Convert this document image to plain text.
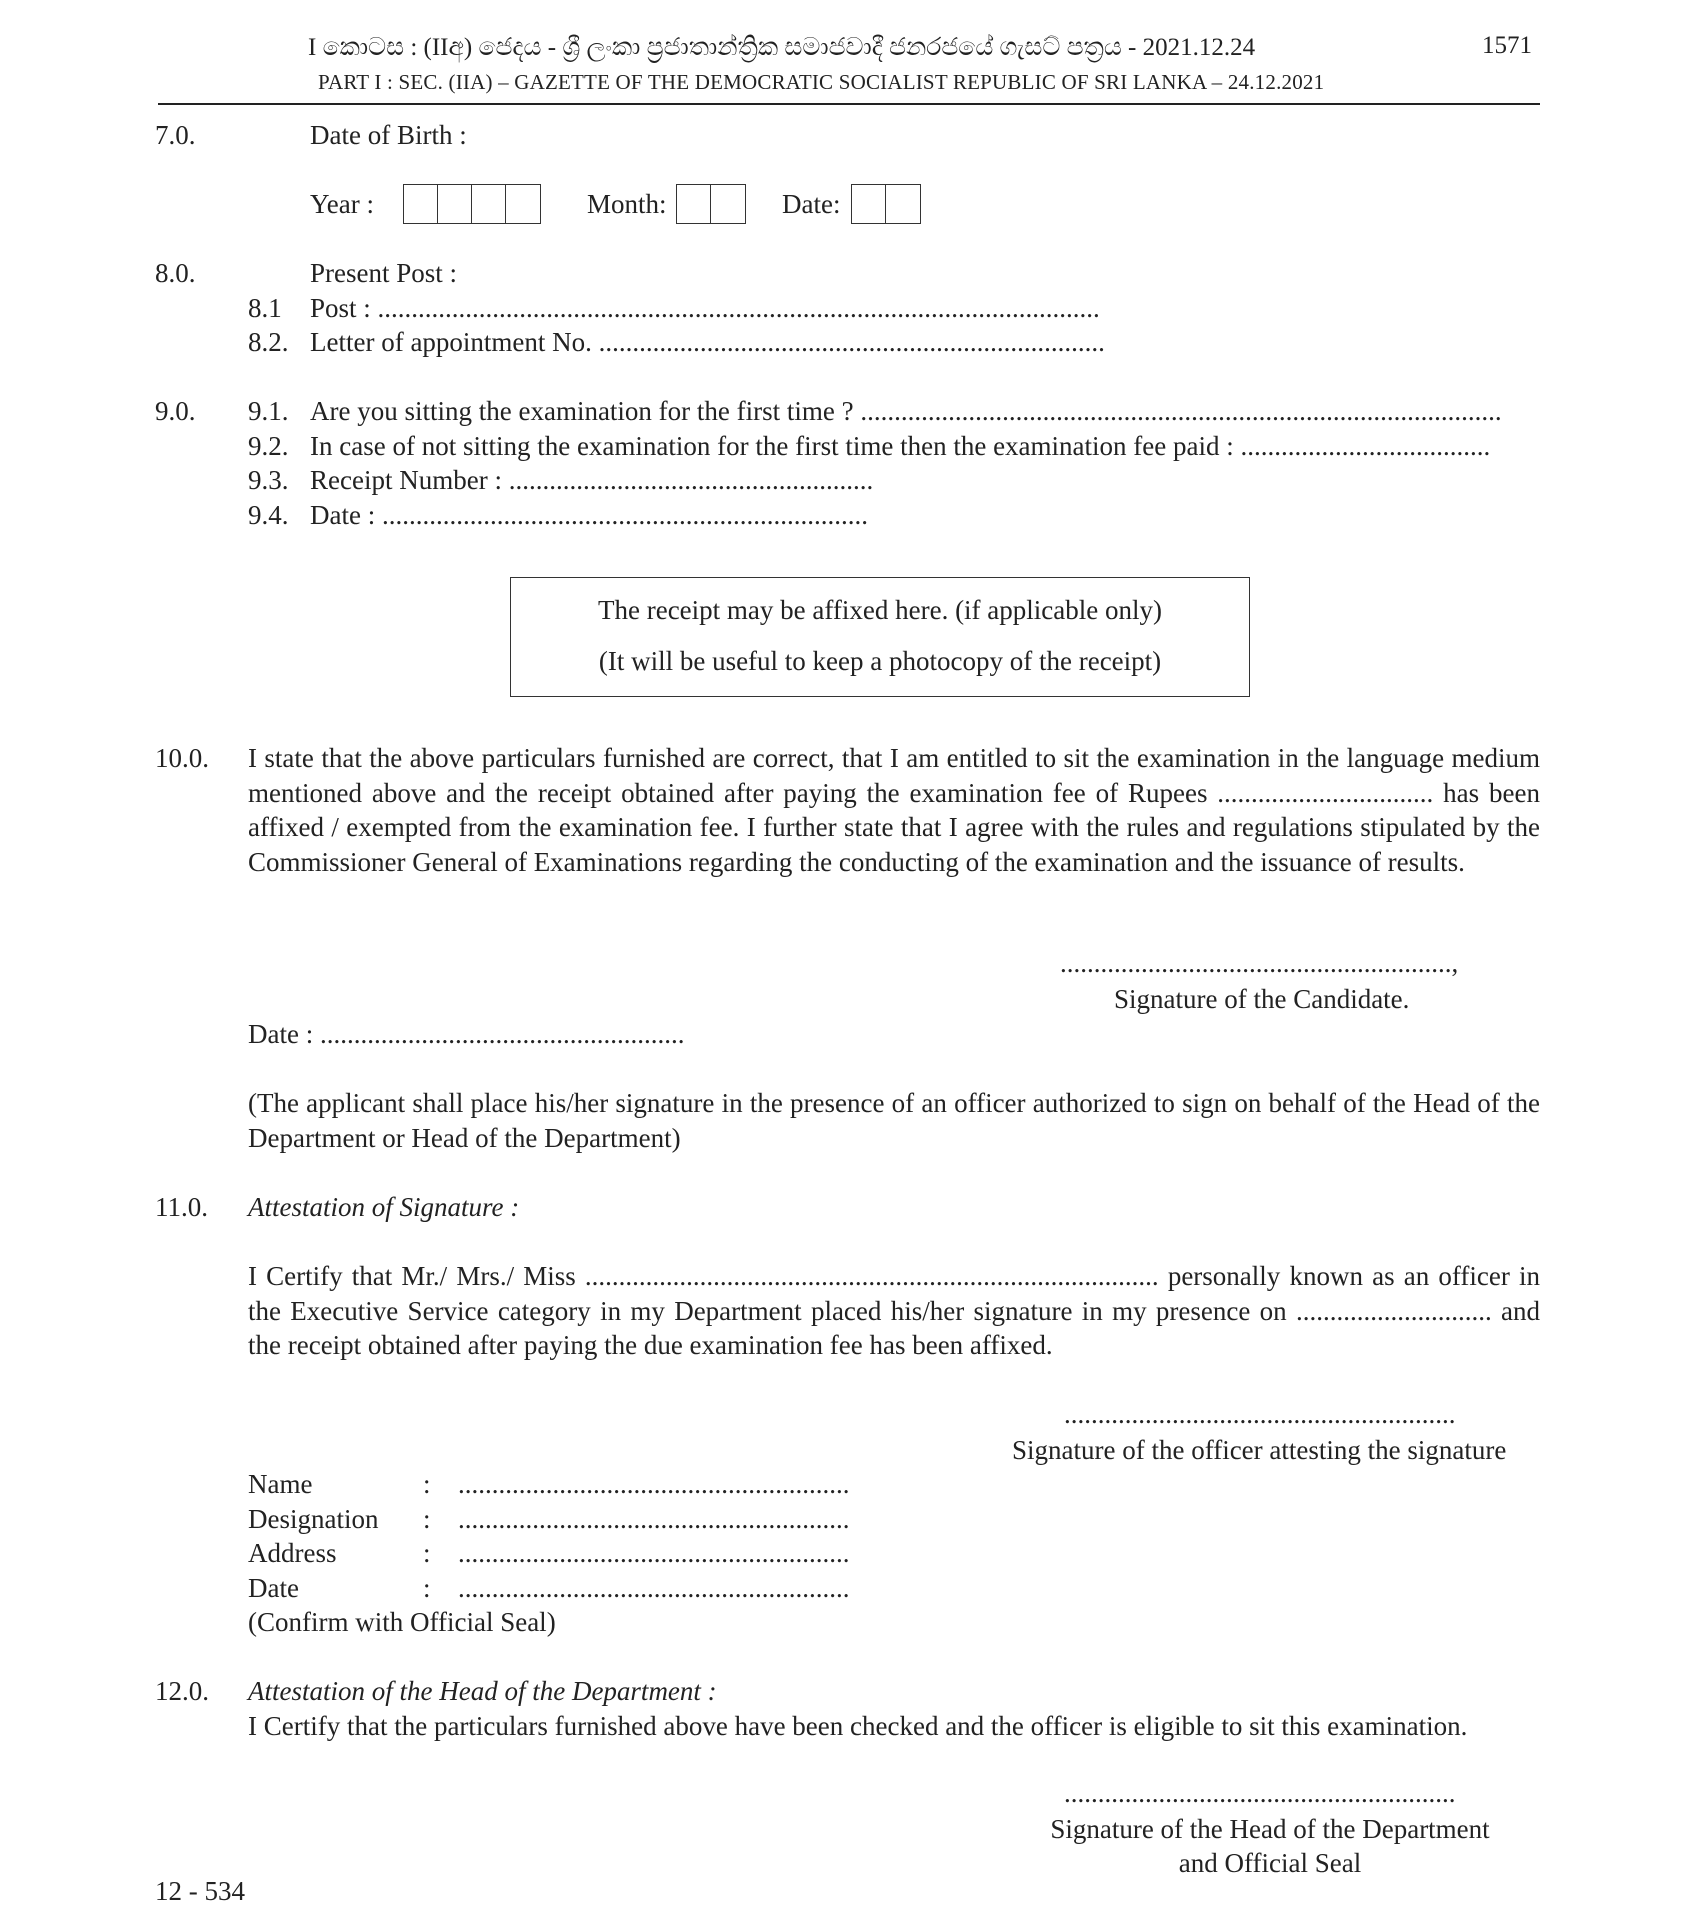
I කොටස : (IIඅ) ජෙදය - ශ්‍රී ලංකා ප්‍රජාතාන්ත්‍රික සමාජවාදී ජනරජයේ ගැසට් පත්‍රය - 2021.12.24	1571
PART I : SEC. (IIA) – GAZETTE OF THE DEMOCRATIC SOCIALIST REPUBLIC OF SRI LANKA – 24.12.2021
7.0.	Date of Birth :
Year :	Month:	Date:
8.0.	Present Post :
8.1 Post : ...........................................................................................................
8.2. Letter of appointment No. ...........................................................................
9.0. 9.1. Are you sitting the examination for the first time ? ...............................................................................................
9.2. In case of not sitting the examination for the first time then the examination fee paid : .....................................
9.3. Receipt Number : ......................................................
9.4. Date : ........................................................................
The receipt may be affixed here. (if applicable only)
(It will be useful to keep a photocopy of the receipt)
10.0. I state that the above particulars furnished are correct, that I am entitled to sit the examination in the language medium mentioned above and the receipt obtained after paying the examination fee of Rupees ................................ has been affixed / exempted from the examination fee. I further state that I agree with the rules and regulations stipulated by the Commissioner General of Examinations regarding the conducting of the examination and the issuance of results.
..........................................................,
Signature of the Candidate.
Date : ......................................................
(The applicant shall place his/her signature in the presence of an officer authorized to sign on behalf of the Head of the Department or Head of the Department)
11.0. Attestation of Signature :
I Certify that Mr./ Mrs./ Miss ..................................................................................... personally known as an officer in the Executive Service category in my Department placed his/her signature in my presence on ............................. and the receipt obtained after paying the due examination fee has been affixed.
..........................................................
Signature of the officer attesting the signature
Name	: ..........................................................
Designation : ..........................................................
Address	: ..........................................................
Date	: ..........................................................
(Confirm with Official Seal)
12.0. Attestation of the Head of the Department :
I Certify that the particulars furnished above have been checked and the officer is eligible to sit this examination.
..........................................................
Signature of the Head of the Department
and Official Seal
12 - 534
